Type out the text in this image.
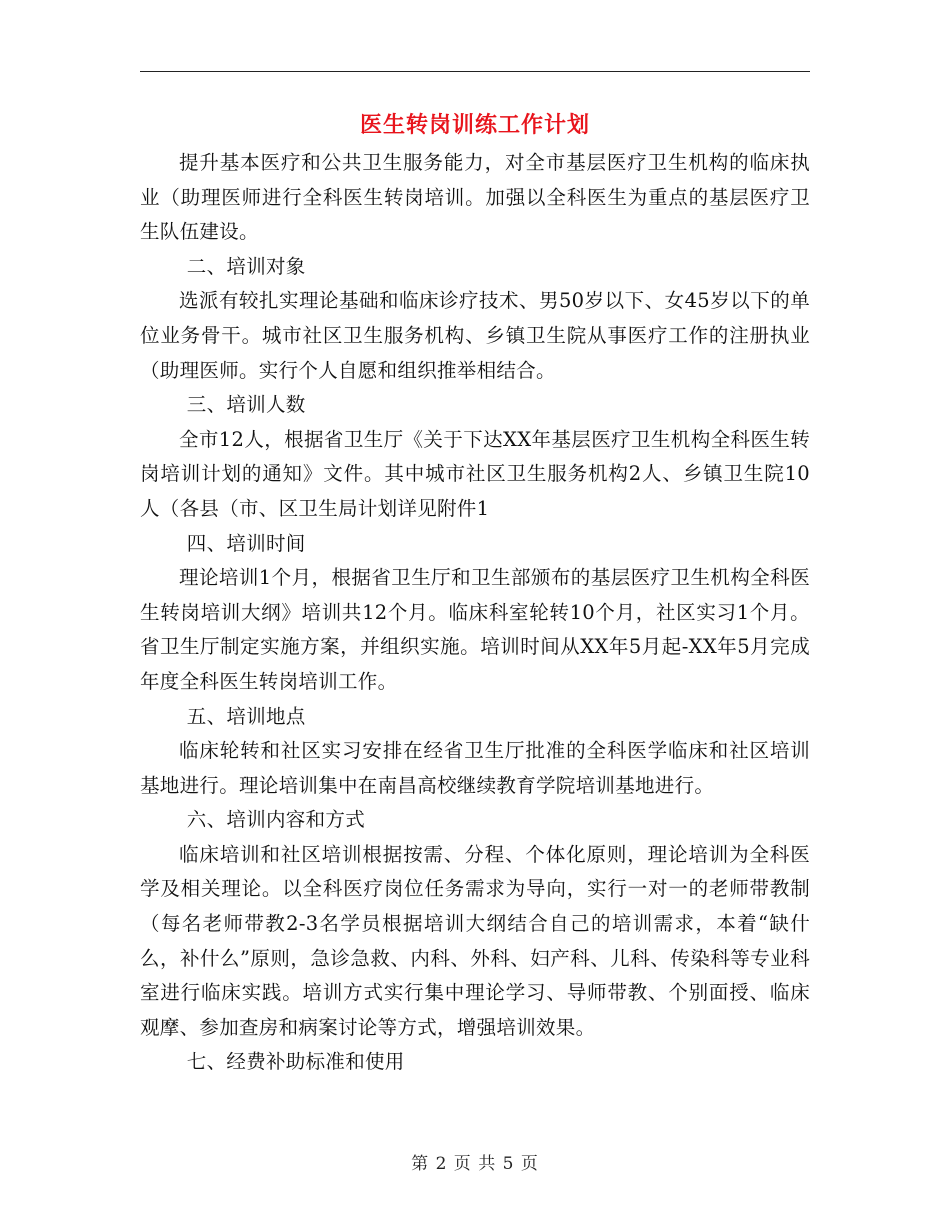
医生转岗训练工作计划

提升基本医疗和公共卫生服务能力，对全市基层医疗卫生机构的临床执业（助理医师进行全科医生转岗培训。加强以全科医生为重点的基层医疗卫生队伍建设。

二、培训对象

选派有较扎实理论基础和临床诊疗技术、男50岁以下、女45岁以下的单位业务骨干。城市社区卫生服务机构、乡镇卫生院从事医疗工作的注册执业（助理医师。实行个人自愿和组织推举相结合。

三、培训人数

全市12人，根据省卫生厅《关于下达XX年基层医疗卫生机构全科医生转岗培训计划的通知》文件。其中城市社区卫生服务机构2人、乡镇卫生院10人（各县（市、区卫生局计划详见附件1

四、培训时间

理论培训1个月，根据省卫生厅和卫生部颁布的基层医疗卫生机构全科医生转岗培训大纲》培训共12个月。临床科室轮转10个月，社区实习1个月。省卫生厅制定实施方案，并组织实施。培训时间从XX年5月起-XX年5月完成年度全科医生转岗培训工作。

五、培训地点

临床轮转和社区实习安排在经省卫生厅批准的全科医学临床和社区培训基地进行。理论培训集中在南昌高校继续教育学院培训基地进行。

六、培训内容和方式

临床培训和社区培训根据按需、分程、个体化原则，理论培训为全科医学及相关理论。以全科医疗岗位任务需求为导向，实行一对一的老师带教制（每名老师带教2-3名学员根据培训大纲结合自己的培训需求，本着“缺什么，补什么”原则，急诊急救、内科、外科、妇产科、儿科、传染科等专业科室进行临床实践。培训方式实行集中理论学习、导师带教、个别面授、临床观摩、参加查房和病案讨论等方式，增强培训效果。

七、经费补助标准和使用

第 2 页 共 5 页
